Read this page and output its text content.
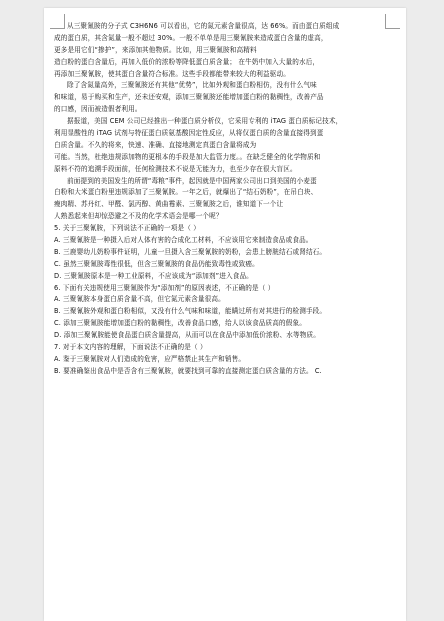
从三聚氰胺的分子式 C3H6N6 可以看出，它的氮元素含量很高，达 66%。而由蛋白质组成
成的蛋白质，其含氮量一般不超过 30%。一般不单单是用三聚氰胺来造成蛋白含量的虚高，
更多是用它们“掺护”，来添加其他物质。比如，用三聚氰胺和高精料
造白粉的蛋白含量后，再加入低价的浓粉等降低蛋白质含量； 在牛奶中加入大量的水后，
再添加三聚氰胺，使其蛋白含量符合标准。这些手段都能带来较大的利益驱动。
除了含氮量高外，三聚氰胺还有其他“优势”，比如外观和蛋白粉相仿，没有什么气味
和味道，易于购买和生产，还未还安观，添加三聚氰胺还能增加蛋白粉的黏稠性，改善产品
的口感，因而被造假者利用。
据报道，美国 CEM 公司已经推出一种蛋白质分析仪，它采用专利的 iTAG 蛋白质标记技术，
利用显酸性的 iTAG 试剂与特征蛋白质氨基酸因定性反应，从将仅蛋白质的含量直接得到蛋
白质含量。不久的将来，快速、准确、直接地测定真蛋白含量将成为
可能。当然，杜绝违规添加物的更根本的手段是加大监管力度。。在缺乏健全的化学物质和
原料不符的追溯手段面前，任何检测技术不说是无能为力，也至少存在很大盲区。
前面提到的美国发生的所谓“毒粮”事件，起因就是中国两家公司出口到美国的小麦蛋
白粉和大米蛋白粉里违规添加了三聚氰胺。一年之后，就爆出了“结石奶粉”，在吊白块、
瘦肉精、苏丹红、甲醛、氯丙醇、黄曲霉素、三聚氰胺之后，谁知道下一个让
人熟悉起来但却惊恐避之不及的化学术语会是哪一个呢？
5. 关于三聚氰胺，下列说法不正确的一项是（ ）
A. 三聚氰胺是一种摄入后对人体有害的合成化工材料，不应该用它来制造食品或食品。
B. 三鹿婴幼儿奶粉事件证明，儿童一旦摄入含三聚氰胺的奶粉，会患上膀胱结石或肾结石。
C. 虽然三聚氰胺毒性很低，但含三聚氰胺的食品仍能致毒性或致癌。
D. 三聚氰胺原本是一种工业原料，不应该成为“添加剂”进入食品。
6. 下面有关违规使用三聚氰胺作为“添加剂”的原因表述，不正确的是（ ）
A. 三聚氰胺本身蛋白质含量不高，但它氮元素含量很高。
B. 三聚氰胺外观和蛋白粉相似，又没有什么气味和味道，能瞒过所有对其进行的检测手段。
C. 添加三聚氰胺能增加蛋白粉的黏稠性，改善食品口感，给人以该食品质高的假象。
D. 添加三聚氰胺能使食品蛋白质含量提高，从而可以在食品中添加低价浓粉、水等物质。
7. 对于本文内容的理解，下面说法不正确的是（ ）
A. 鉴于三聚氰胺对人们造成的危害，应严格禁止其生产和销售。
B. 要准确鉴出食品中是否含有三聚氰胺，就要找到可靠的直接测定蛋白质含量的方法。 C.
